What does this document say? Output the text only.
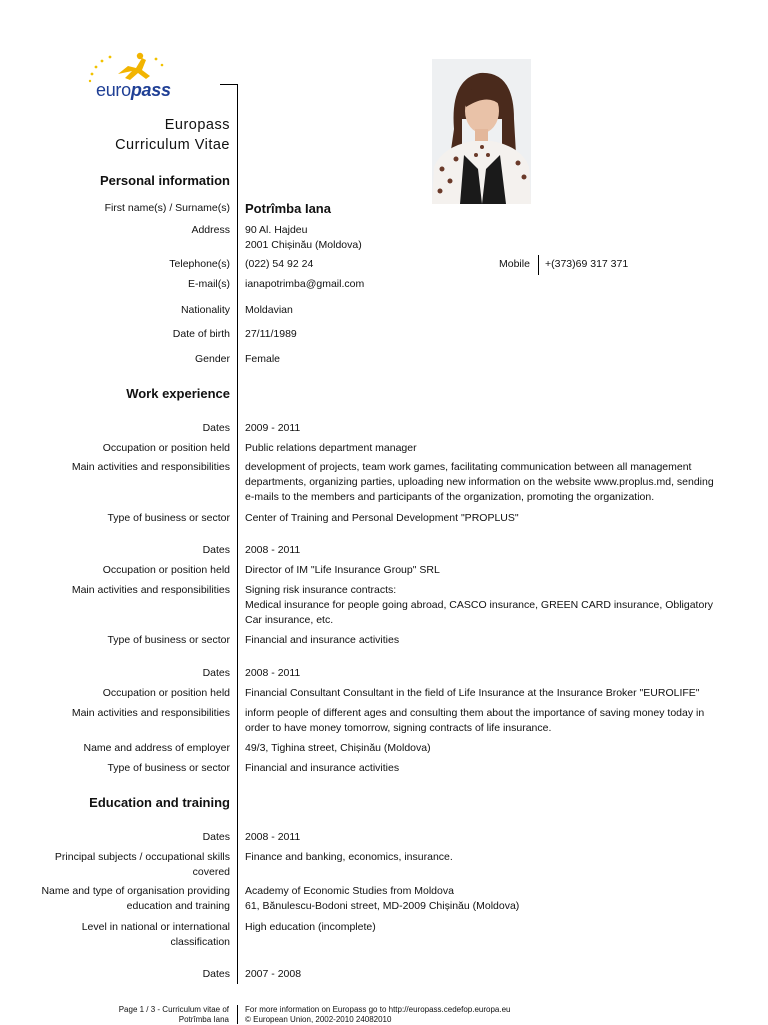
europass
Europass
Curriculum Vitae
Personal information
First name(s) / Surname(s) Potrîmba Iana
Address 90 Al. Hajdeu
2001 Chișinău (Moldova)
Telephone(s) (022) 54 92 24	Mobile +(373)69 317 371
E-mail(s) ianapotrimba@gmail.com
Nationality Moldavian
Date of birth 27/11/1989
Gender Female
Work experience
Dates 2009 - 2011
Occupation or position held Public relations department manager
Main activities and responsibilities development of projects, team work games, facilitating communication between all management departments, organizing parties, uploading new information on the website www.proplus.md, sending e-mails to the members and participants of the organization, promoting the organization.
Type of business or sector Center of Training and Personal Development "PROPLUS"
Dates 2008 - 2011
Occupation or position held Director of IM "Life Insurance Group" SRL
Main activities and responsibilities Signing risk insurance contracts:
Medical insurance for people going abroad, CASCO insurance, GREEN CARD insurance, Obligatory Car insurance, etc.
Type of business or sector Financial and insurance activities
Dates 2008 - 2011
Occupation or position held Financial Consultant Consultant in the field of Life Insurance at the Insurance Broker "EUROLIFE"
Main activities and responsibilities inform people of different ages and consulting them about the importance of saving money today in order to have money tomorrow, signing contracts of life insurance.
Name and address of employer 49/3, Tighina street, Chișinău (Moldova)
Type of business or sector Financial and insurance activities
Education and training
Dates 2008 - 2011
Principal subjects / occupational skills covered
Finance and banking, economics, insurance.
Name and type of organisation providing education and training
Academy of Economic Studies from Moldova
61, Bănulescu-Bodoni street, MD-2009 Chișinău (Moldova)
Level in national or international classification
High education (incomplete)
Dates 2007 - 2008
Page 1 / 3 - Curriculum vitae of
Potrîmba Iana
For more information on Europass go to http://europass.cedefop.europa.eu
© European Union, 2002-2010 24082010
